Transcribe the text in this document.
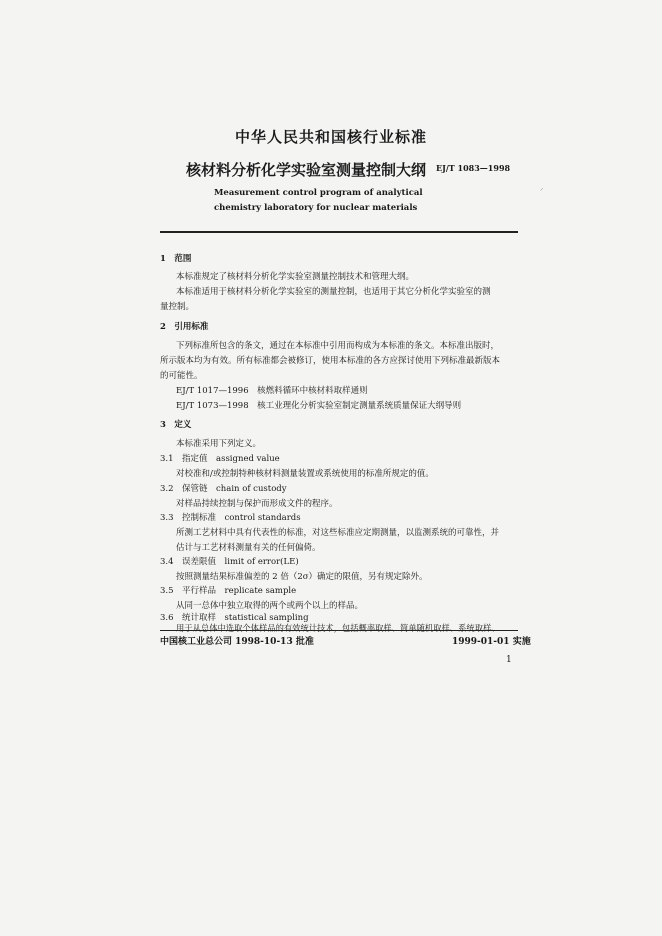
中华人民共和国核行业标准
核材料分析化学实验室测量控制大纲 EJ/T 1083—1998
Measurement control program of analytical
chemistry laboratory for nuclear materials
⸝
1　范围
本标准规定了核材料分析化学实验室测量控制技术和管理大纲。
本标准适用于核材料分析化学实验室的测量控制，也适用于其它分析化学实验室的测
量控制。
2　引用标准
下列标准所包含的条文，通过在本标准中引用而构成为本标准的条文。本标准出版时，
所示版本均为有效。所有标准都会被修订，使用本标准的各方应探讨使用下列标准最新版本
的可能性。
EJ/T 1017—1996　核燃料循环中核材料取样通则
EJ/T 1073—1998　核工业理化分析实验室制定测量系统质量保证大纲导则
3　定义
本标准采用下列定义。
3.1　指定值　assigned value
对校准和/或控制特种核材料测量装置或系统使用的标准所规定的值。
3.2　保管链　chain of custody
对样品持续控制与保护而形成文件的程序。
3.3　控制标准　control standards
所测工艺材料中具有代表性的标准，对这些标准应定期测量，以监测系统的可靠性，并
估计与工艺材料测量有关的任何偏倚。
3.4　误差限值　limit of error(LE)
按照测量结果标准偏差的 2 倍（2σ）确定的限值，另有规定除外。
3.5　平行样品　replicate sample
从同一总体中独立取得的两个或两个以上的样品。
3.6　统计取样　statistical sampling
用于从总体中选取个体样品的有效统计技术，包括概率取样、简单随机取样、系统取样、
中国核工业总公司 1998-10-13 批准	1999-01-01 实施
1
